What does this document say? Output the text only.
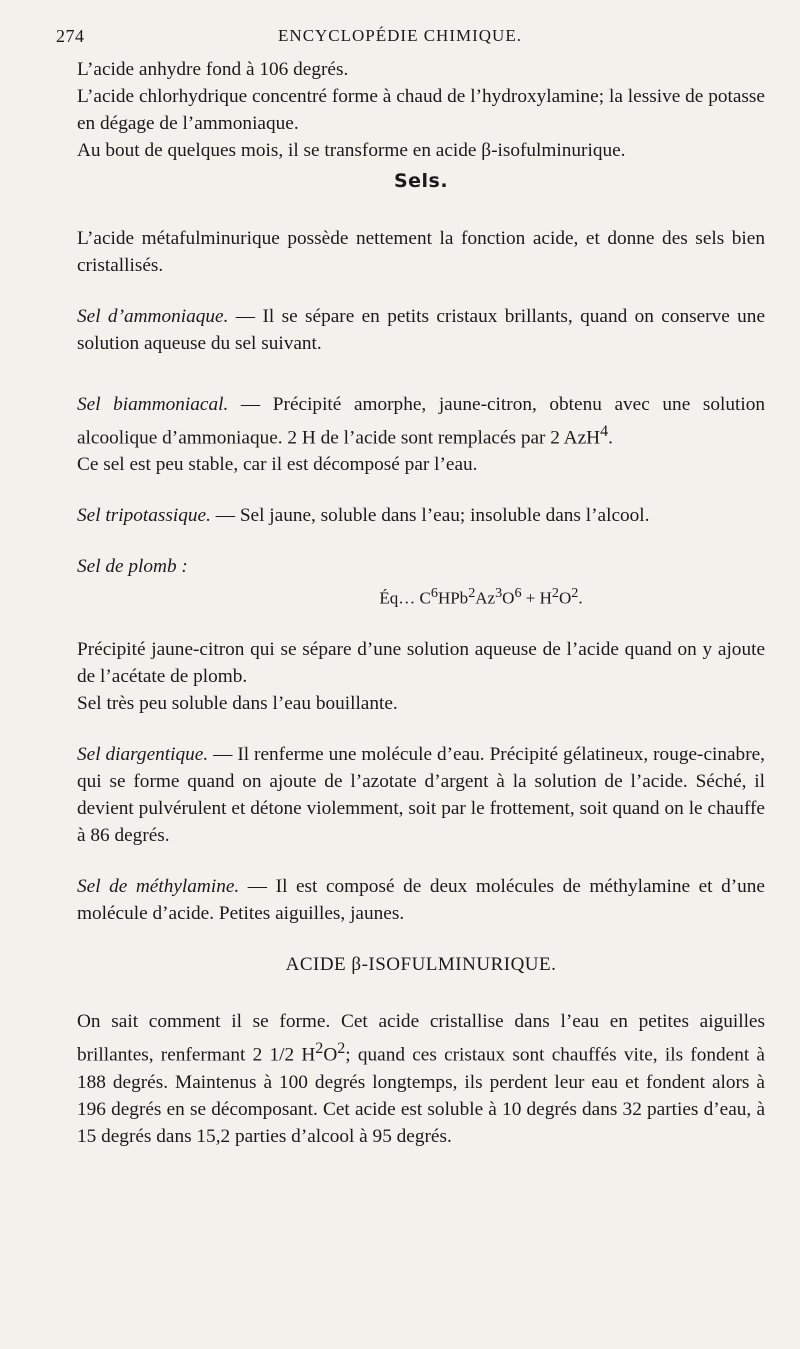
274	ENCYCLOPÉDIE CHIMIQUE.

L’acide anhydre fond à 106 degrés.

L’acide chlorhydrique concentré forme à chaud de l’hydroxylamine; la lessive de potasse en dégage de l’ammoniaque.

Au bout de quelques mois, il se transforme en acide β-isofulminurique.

Sels.

L’acide métafulminurique possède nettement la fonction acide, et donne des sels bien cristallisés.

Sel d’ammoniaque. — Il se sépare en petits cristaux brillants, quand on conserve une solution aqueuse du sel suivant.

Sel biammoniacal. — Précipité amorphe, jaune-citron, obtenu avec une solution alcoolique d’ammoniaque. 2 H de l’acide sont remplacés par 2 AzH$^4$.

Ce sel est peu stable, car il est décomposé par l’eau.

Sel tripotassique. — Sel jaune, soluble dans l’eau; insoluble dans l’alcool.

Sel de plomb :

Éq… $C^6HPb^2Az^3O^6 + H^2O^2$.

Précipité jaune-citron qui se sépare d’une solution aqueuse de l’acide quand on y ajoute de l’acétate de plomb.

Sel très peu soluble dans l’eau bouillante.

Sel diargentique. — Il renferme une molécule d’eau. Précipité gélatineux, rouge-cinabre, qui se forme quand on ajoute de l’azotate d’argent à la solution de l’acide. Séché, il devient pulvérulent et détone violemment, soit par le frottement, soit quand on le chauffe à 86 degrés.

Sel de méthylamine. — Il est composé de deux molécules de méthylamine et d’une molécule d’acide. Petites aiguilles, jaunes.

ACIDE β-ISOFULMINURIQUE.

On sait comment il se forme. Cet acide cristallise dans l’eau en petites aiguilles brillantes, renfermant 2 1/2 $H^2O^2$; quand ces cristaux sont chauffés vite, ils fondent à 188 degrés. Maintenus à 100 degrés longtemps, ils perdent leur eau et fondent alors à 196 degrés en se décomposant. Cet acide est soluble à 10 degrés dans 32 parties d’eau, à 15 degrés dans 15,2 parties d’alcool à 95 degrés.
